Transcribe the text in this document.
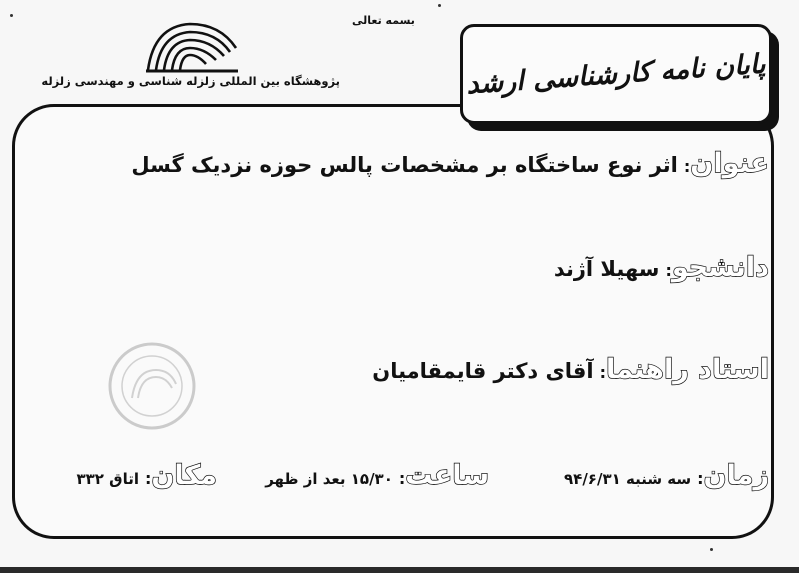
بسمه تعالی
پژوهشگاه بین المللی زلزله شناسی و مهندسی زلزله	پایان نامه کارشناسی ارشد
عنوان
:
اثر نوع ساختگاه بر مشخصات پالس حوزه نزدیک گسل
دانشجو
:
سهیلا آژند
استاد راهنما
:
آقای دکتر قایمقامیان
زمان
:
سه شنبه ۹۴/۶/۳۱
ساعت
:
۱۵/۳۰ بعد از ظهر
مکان
:
اتاق ۳۳۲
